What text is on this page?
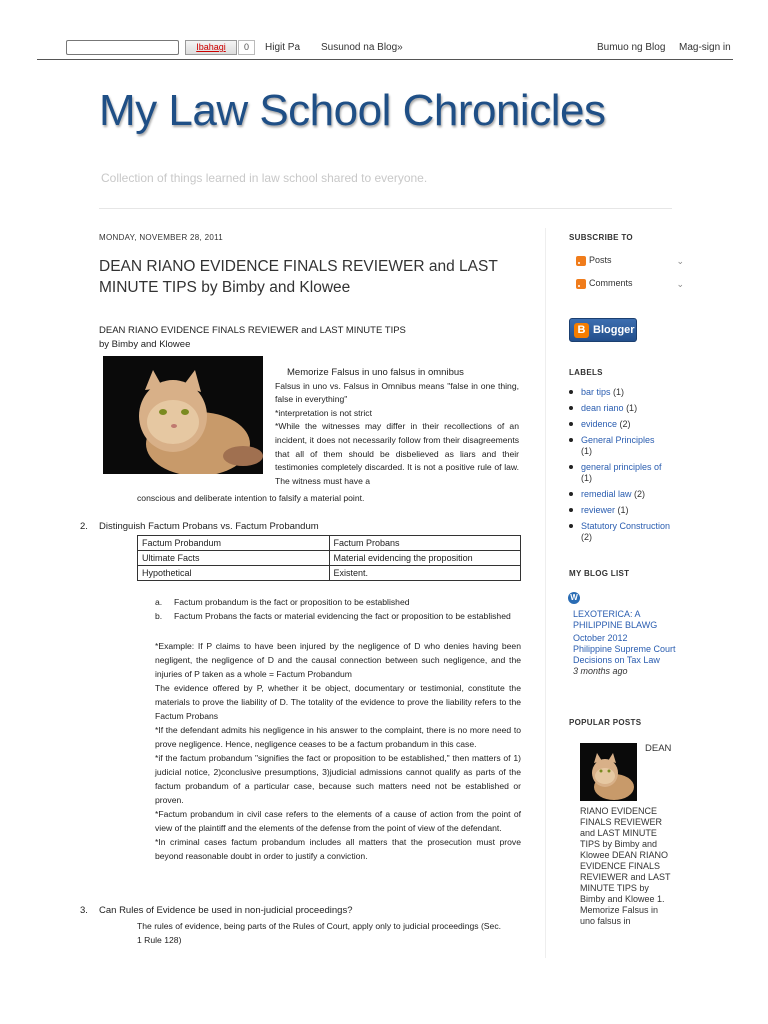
Ibahagi	0	Higit Pa Susunod na Blog»	Bumuo ng Blog Mag-sign in
My Law School Chronicles
Collection of things learned in law school shared to everyone.
MONDAY, NOVEMBER 28, 2011
DEAN RIANO EVIDENCE FINALS REVIEWER and LAST MINUTE TIPS by Bimby and Klowee
DEAN RIANO EVIDENCE FINALS REVIEWER and LAST MINUTE TIPS
by Bimby and Klowee
Memorize Falsus in uno falsus in omnibus
Falsus in uno vs. Falsus in Omnibus means "false in one thing, false in everything"
*interpretation is not strict
*While the witnesses may differ in their recollections of an incident, it does not necessarily follow from their disagreements that all of them should be disbelieved as liars and their testimonies completely discarded. It is not a positive rule of law. The witness must have a
conscious and deliberate intention to falsify a material point.
2. Distinguish Factum Probans vs. Factum Probandum
Factum Probandum	Factum Probans
Ultimate Facts	Material evidencing the proposition
Hypothetical	Existent.
a. Factum probandum is the fact or proposition to be established
b. Factum Probans the facts or material evidencing the fact or proposition to be established

*Example: If P claims to have been injured by the negligence of D who denies having been negligent, the negligence of D and the causal connection between such negligence, and the injuries of P taken as a whole = Factum Probandum

The evidence offered by P, whether it be object, documentary or testimonial, constitute the materials to prove the liability of D. The totality of the evidence to prove the liability refers to the Factum Probans

*If the defendant admits his negligence in his answer to the complaint, there is no more need to prove negligence. Hence, negligence ceases to be a factum probandum in this case.

*if the factum probandum "signifies the fact or proposition to be established," then matters of 1) judicial notice, 2)conclusive presumptions, 3)judicial admissions cannot qualify as parts of the factum probandum of a particular case, because such matters need not be established or proven.

*Factum probandum in civil case refers to the elements of a cause of action from the point of view of the plaintiff and the elements of the defense from the point of view of the defendant.

*In criminal cases factum probandum includes all matters that the prosecution must prove beyond reasonable doubt in order to justify a conviction.

3. Can Rules of Evidence be used in non-judicial proceedings?
The rules of evidence, being parts of the Rules of Court, apply only to judicial proceedings (Sec. 1 Rule 128)
SUBSCRIBE TO
Posts	⌄
Comments	⌄
B Blogger
LABELS
bar tips (1)
dean riano (1)
evidence (2)
General Principles
(1)
general principles of
(1)
remedial law (2)
reviewer (1)
Statutory Construction (2)
MY BLOG LIST
W
LEXOTERICA: A PHILIPPINE BLAWG
October 2012
Philippine Supreme Court Decisions on Tax Law
3 months ago
POPULAR POSTS
DEAN
RIANO EVIDENCE FINALS REVIEWER and LAST MINUTE TIPS by Bimby and Klowee DEAN RIANO EVIDENCE FINALS REVIEWER and LAST MINUTE TIPS by Bimby and Klowee 1. Memorize Falsus in uno falsus in
